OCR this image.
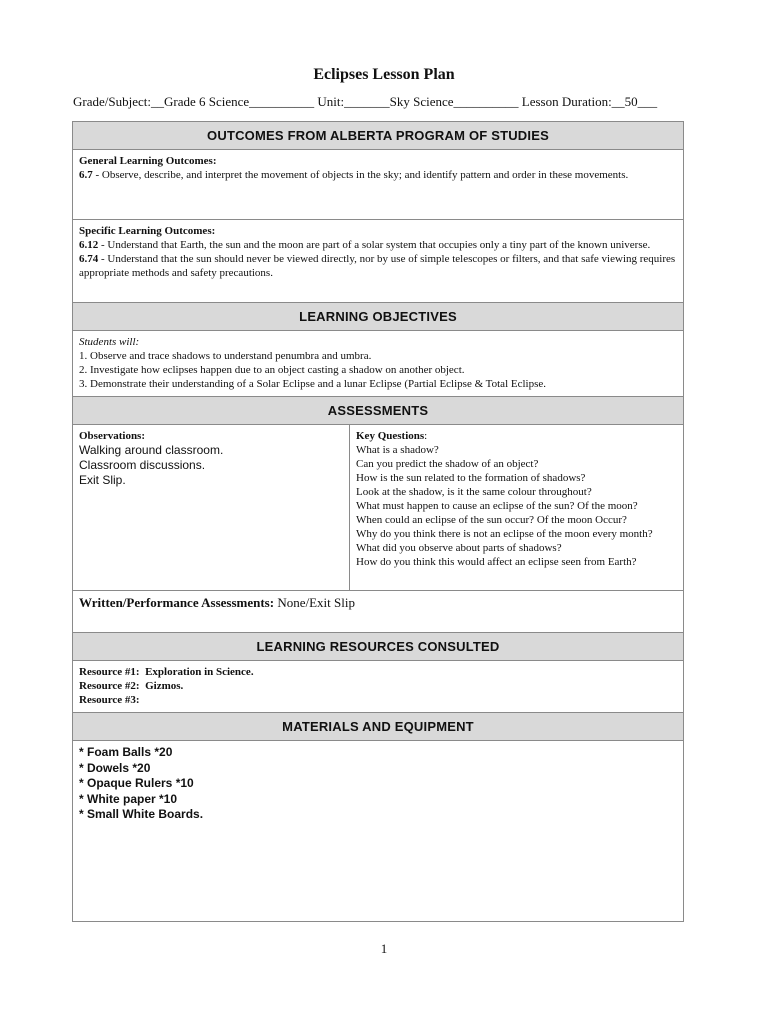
Eclipses Lesson Plan
Grade/Subject:__Grade 6 Science__________ Unit:_______Sky Science__________ Lesson Duration:__50___
OUTCOMES FROM ALBERTA PROGRAM OF STUDIES
General Learning Outcomes:
6.7 - Observe, describe, and interpret the movement of objects in the sky; and identify pattern and order in these movements.
Specific Learning Outcomes:
6.12 - Understand that Earth, the sun and the moon are part of a solar system that occupies only a tiny part of the known universe.
6.74 - Understand that the sun should never be viewed directly, nor by use of simple telescopes or filters, and that safe viewing requires appropriate methods and safety precautions.
LEARNING OBJECTIVES
Students will:
1. Observe and trace shadows to understand penumbra and umbra.
2. Investigate how eclipses happen due to an object casting a shadow on another object.
3. Demonstrate their understanding of a Solar Eclipse and a lunar Eclipse (Partial Eclipse & Total Eclipse.
ASSESSMENTS
Observations:
Walking around classroom.
Classroom discussions.
Exit Slip.
Key Questions:
What is a shadow?
Can you predict the shadow of an object?
How is the sun related to the formation of shadows?
Look at the shadow, is it the same colour throughout?
What must happen to cause an eclipse of the sun? Of the moon?
When could an eclipse of the sun occur? Of the moon Occur?
Why do you think there is not an eclipse of the moon every month?
What did you observe about parts of shadows?
How do you think this would affect an eclipse seen from Earth?
Written/Performance Assessments: None/Exit Slip
LEARNING RESOURCES CONSULTED
Resource #1: Exploration in Science.
Resource #2: Gizmos.
Resource #3:
MATERIALS AND EQUIPMENT
* Foam Balls *20
* Dowels *20
* Opaque Rulers *10
* White paper *10
* Small White Boards.
1
